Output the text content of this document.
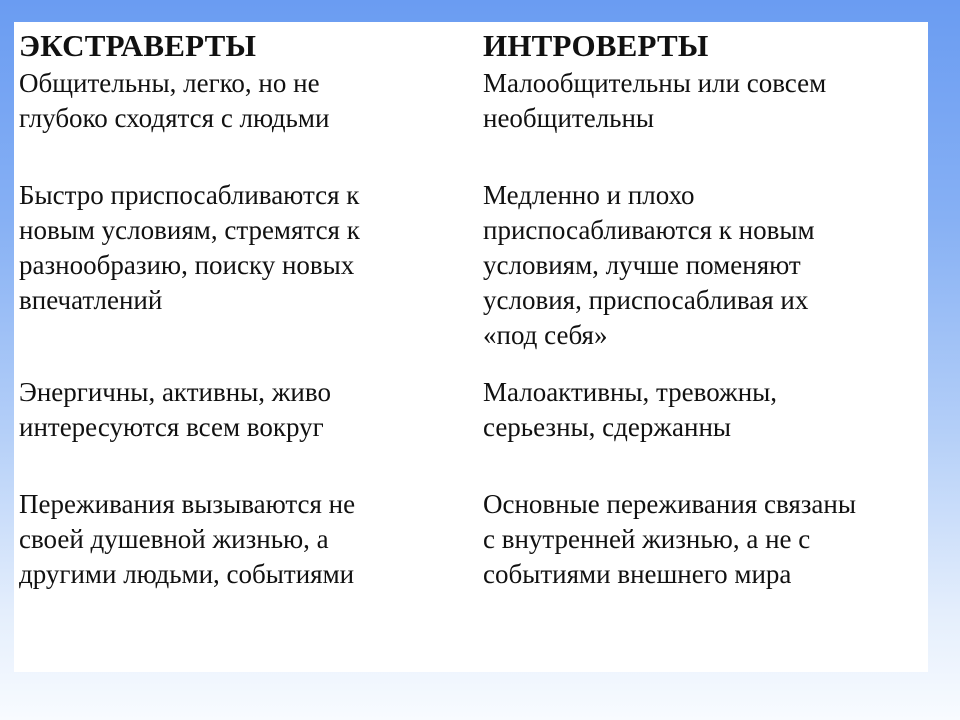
ЭКСТРАВЕРТЫ	ИНТРОВЕРТЫ
Общительны, легко, но не
глубоко сходятся с людьми
Малообщительны или совсем
необщительны
Быстро приспосабливаются к
новым условиям, стремятся к
разнообразию, поиску новых
впечатлений
Медленно и плохо
приспосабливаются к новым
условиям, лучше поменяют
условия, приспосабливая их
«под себя»
Энергичны, активны, живо
интересуются всем вокруг
Малоактивны, тревожны,
серьезны, сдержанны
Переживания вызываются не
своей душевной жизнью, а
другими людьми, событиями
Основные переживания связаны
с внутренней жизнью, а не с
событиями внешнего мира
